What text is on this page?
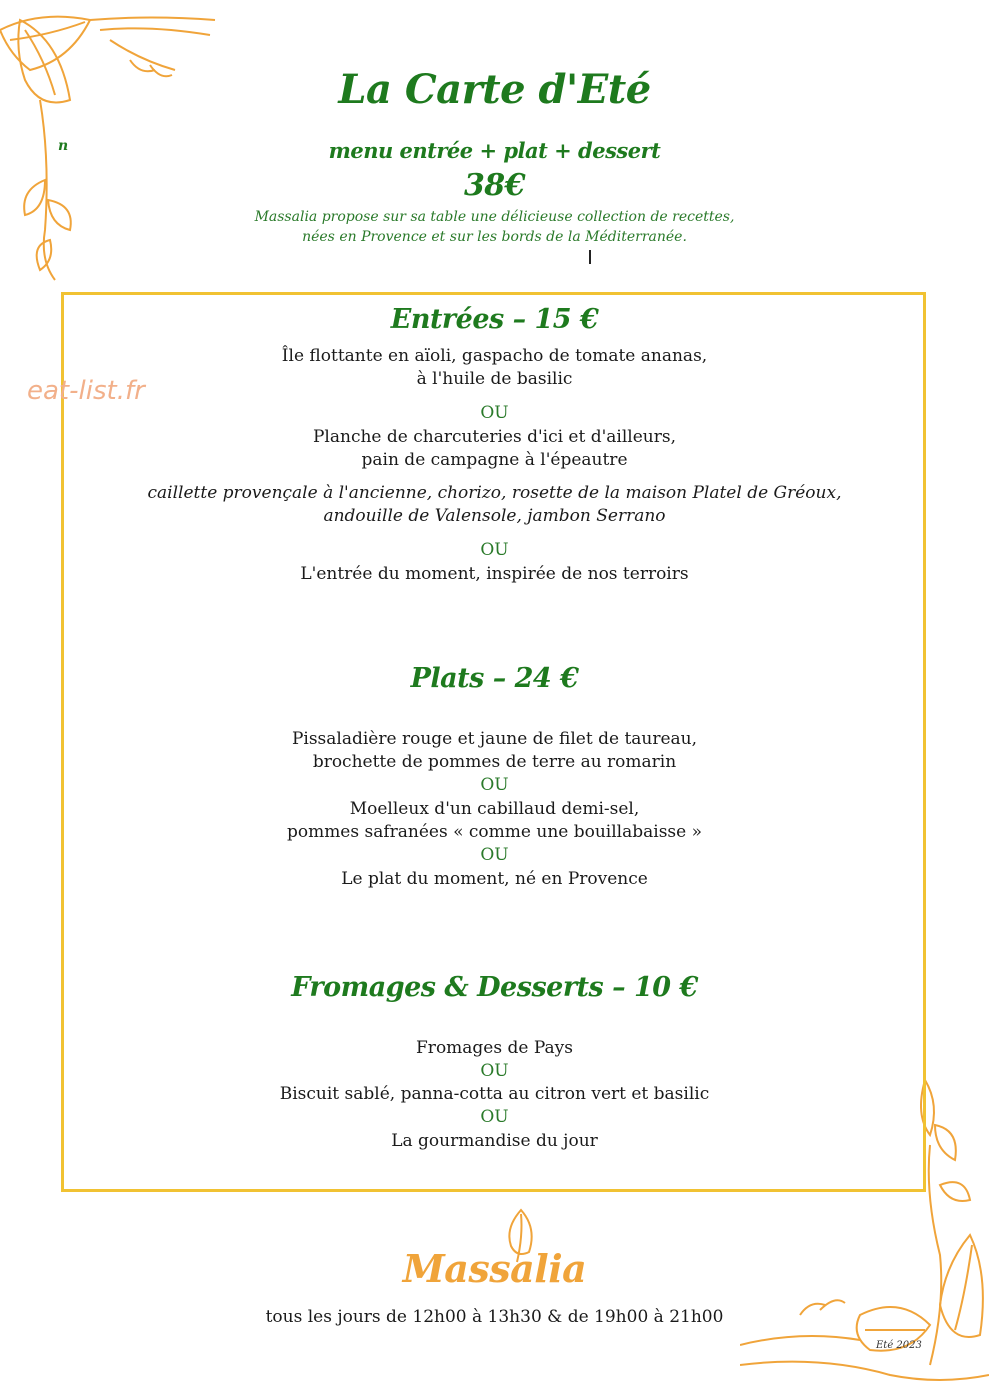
n
La Carte d'Eté
menu entrée + plat + dessert
38€
Massalia propose sur sa table une délicieuse collection de recettes,
nées en Provence et sur les bords de la Méditerranée.
eat-list.fr
Entrées – 15 €
Île flottante en aïoli, gaspacho de tomate ananas,
à l'huile de basilic
OU
Planche de charcuteries d'ici et d'ailleurs,
pain de campagne à l'épeautre
caillette provençale à l'ancienne, chorizo, rosette de la maison Platel de Gréoux,
andouille de Valensole, jambon Serrano
OU
L'entrée du moment, inspirée de nos terroirs
Plats – 24 €
Pissaladière rouge et jaune de filet de taureau,
brochette de pommes de terre au romarin
OU
Moelleux d'un cabillaud demi-sel,
pommes safranées « comme une bouillabaisse »
OU
Le plat du moment, né en Provence
Fromages & Desserts – 10 €
Fromages de Pays
OU
Biscuit sablé, panna-cotta au citron vert et basilic
OU
La gourmandise du jour
Massalia
tous les jours de 12h00 à 13h30 & de 19h00 à 21h00
Eté 2023
